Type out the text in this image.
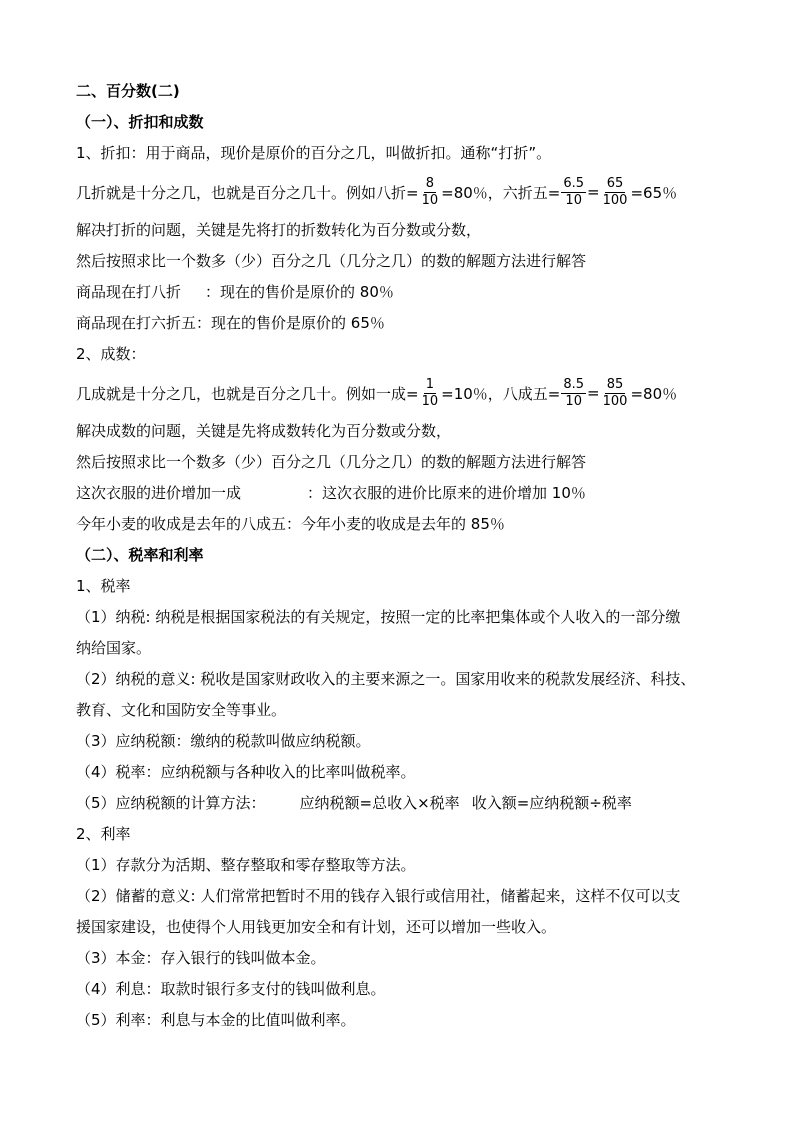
二、百分数(二)
（一）、折扣和成数
1、折扣：用于商品，现价是原价的百分之几，叫做折扣。通称“打折”。
几折就是十分之几，也就是百分之几十。例如八折= $\frac{8}{10} =80$％，六折五= $\frac{6.5}{10} = \frac{65}{100} =65$％
解决打折的问题，关键是先将打的折数转化为百分数或分数，
然后按照求比一个数多（少）百分之几（几分之几）的数的解题方法进行解答
商品现在打八折 ：现在的售价是原价的 80％
商品现在打六折五：现在的售价是原价的 65％
2、成数：
几成就是十分之几，也就是百分之几十。例如一成= $\frac{1}{10} =10$％，八成五= $\frac{8.5}{10} = \frac{85}{100} =80$％
解决成数的问题，关键是先将成数转化为百分数或分数，
然后按照求比一个数多（少）百分之几（几分之几）的数的解题方法进行解答
这次衣服的进价增加一成	：这次衣服的进价比原来的进价增加 10％
今年小麦的收成是去年的八成五：今年小麦的收成是去年的 85％
（二）、税率和利率
1、税率
（1）纳税: 纳税是根据国家税法的有关规定，按照一定的比率把集体或个人收入的一部分缴
纳给国家。
（2）纳税的意义: 税收是国家财政收入的主要来源之一。国家用收来的税款发展经济、科技、
教育、文化和国防安全等事业。
（3）应纳税额：缴纳的税款叫做应纳税额。
（4）税率：应纳税额与各种收入的比率叫做税率。
（5）应纳税额的计算方法： 应纳税额=总收入×税率 收入额=应纳税额÷税率
2、利率
（1）存款分为活期、整存整取和零存整取等方法。
（2）储蓄的意义: 人们常常把暂时不用的钱存入银行或信用社，储蓄起来，这样不仅可以支
援国家建设，也使得个人用钱更加安全和有计划，还可以增加一些收入。
（3）本金：存入银行的钱叫做本金。
（4）利息：取款时银行多支付的钱叫做利息。
（5）利率：利息与本金的比值叫做利率。
